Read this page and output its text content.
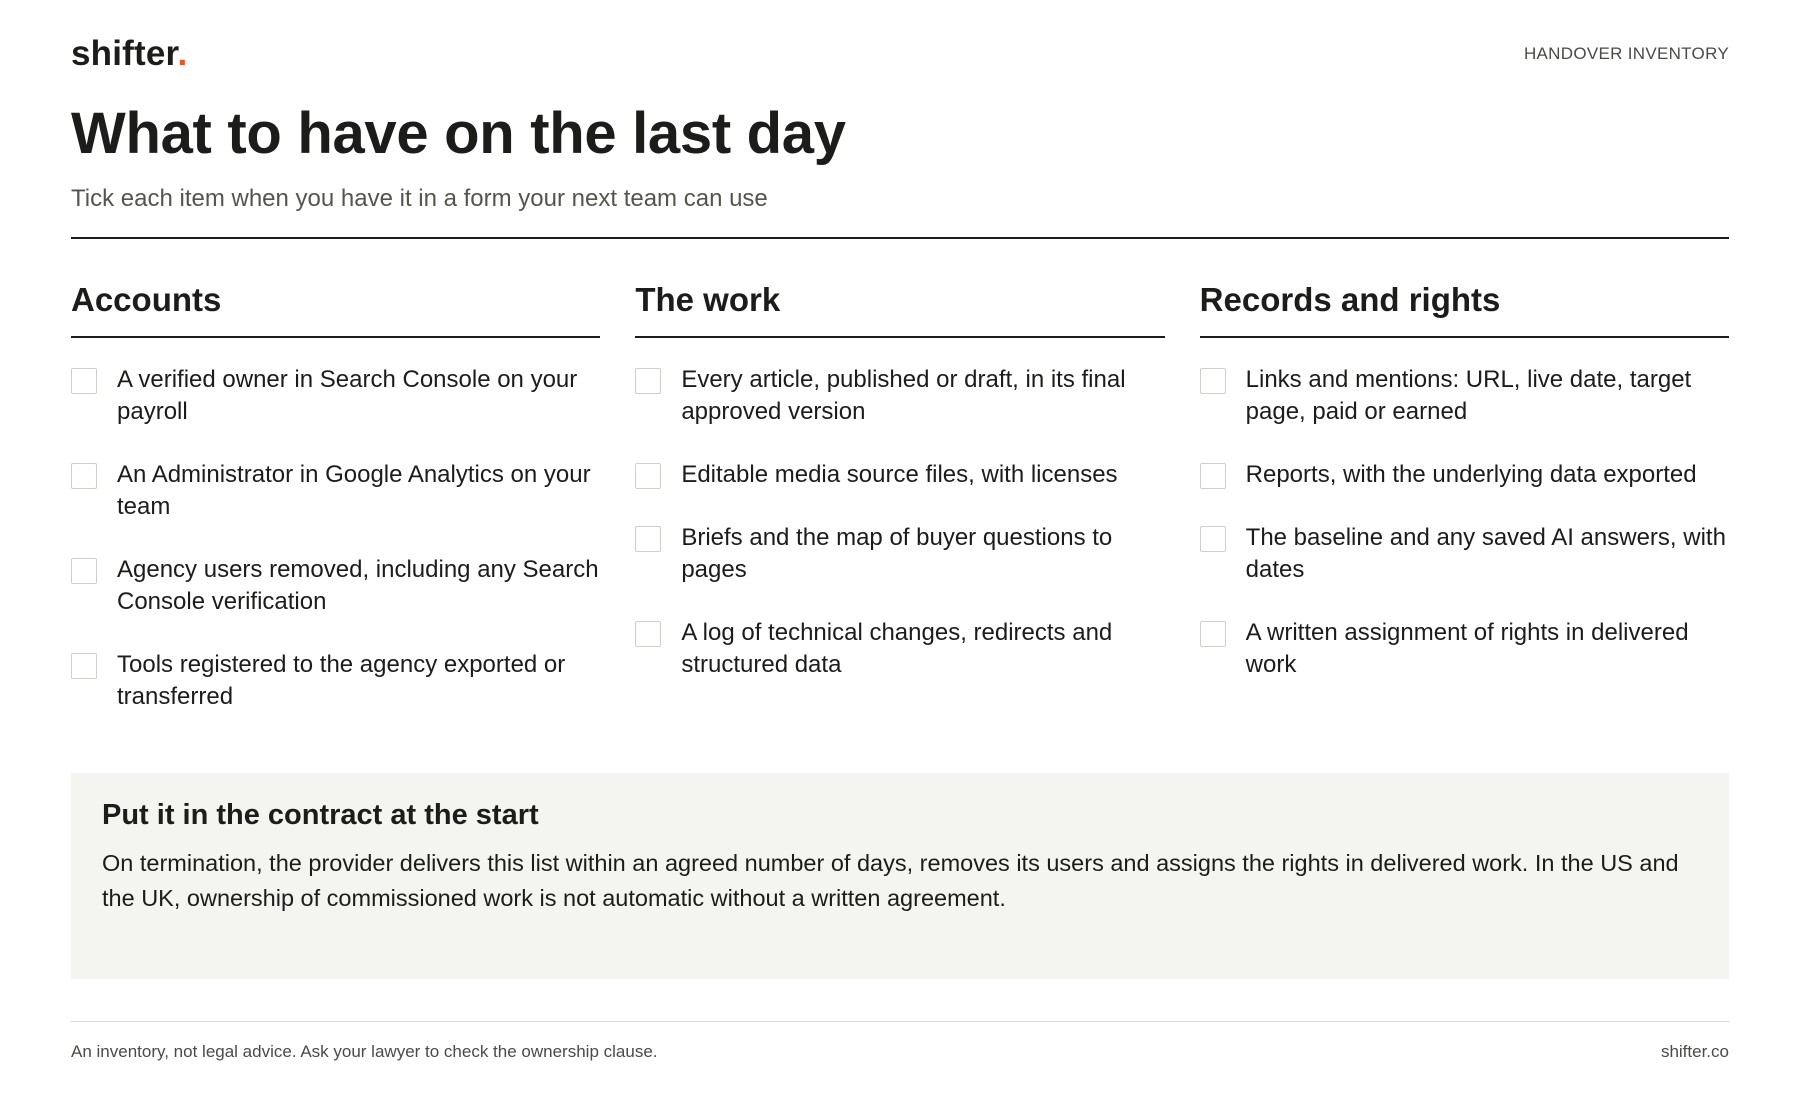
shifter.	HANDOVER INVENTORY
What to have on the last day

Tick each item when you have it in a form your next team can use

Accounts
A verified owner in Search Console on your payroll
An Administrator in Google Analytics on your team
Agency users removed, including any Search Console verification
Tools registered to the agency exported or transferred
The work
Every article, published or draft, in its final approved version
Editable media source files, with licenses
Briefs and the map of buyer questions to pages
A log of technical changes, redirects and structured data
Records and rights
Links and mentions: URL, live date, target page, paid or earned
Reports, with the underlying data exported
The baseline and any saved AI answers, with dates
A written assignment of rights in delivered work
Put it in the contract at the start

On termination, the provider delivers this list within an agreed number of days, removes its users and assigns the rights in delivered work. In the US and the UK, ownership of commissioned work is not automatic without a written agreement.

An inventory, not legal advice. Ask your lawyer to check the ownership clause.	shifter.co
